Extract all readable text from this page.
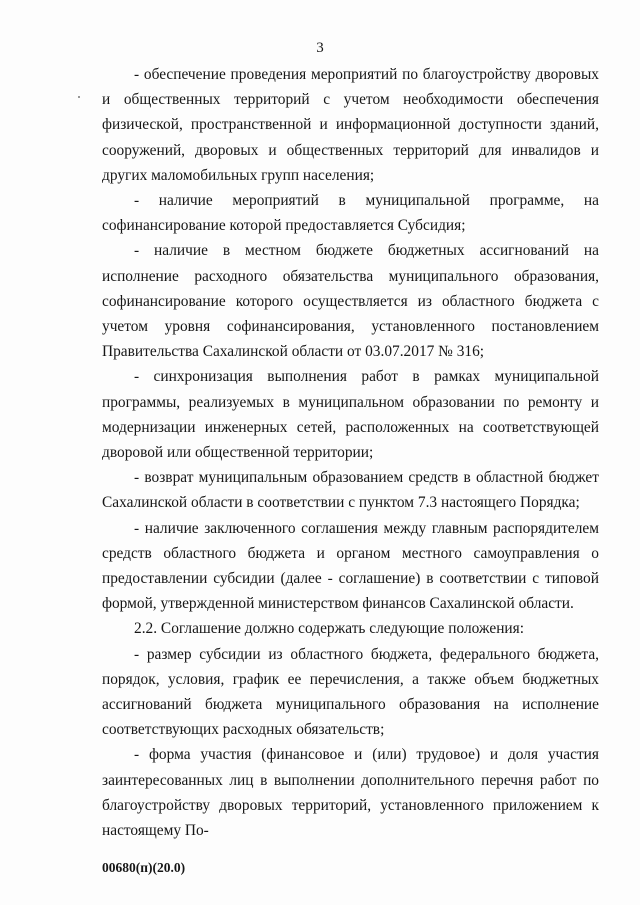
3

- обеспечение проведения мероприятий по благоустройству дворовых и общественных территорий с учетом необходимости обеспечения физической, пространственной и информационной доступности зданий, сооружений, дворовых и общественных территорий для инвалидов и других маломобильных групп населения;

- наличие мероприятий в муниципальной программе, на софинансирование которой предоставляется Субсидия;

- наличие в местном бюджете бюджетных ассигнований на исполнение расходного обязательства муниципального образования, софинансирование которого осуществляется из областного бюджета с учетом уровня софинансирования, установленного постановлением Правительства Сахалинской области от 03.07.2017 № 316;

- синхронизация выполнения работ в рамках муниципальной программы, реализуемых в муниципальном образовании по ремонту и модернизации инженерных сетей, расположенных на соответствующей дворовой или общественной территории;

- возврат муниципальным образованием средств в областной бюджет Сахалинской области в соответствии с пунктом 7.3 настоящего Порядка;

- наличие заключенного соглашения между главным распорядителем средств областного бюджета и органом местного самоуправления о предоставлении субсидии (далее - соглашение) в соответствии с типовой формой, утвержденной министерством финансов Сахалинской области.

2.2. Соглашение должно содержать следующие положения:

- размер субсидии из областного бюджета, федерального бюджета, порядок, условия, график ее перечисления, а также объем бюджетных ассигнований бюджета муниципального образования на исполнение соответствующих расходных обязательств;

- форма участия (финансовое и (или) трудовое) и доля участия заинтересованных лиц в выполнении дополнительного перечня работ по благоустройству дворовых территорий, установленного приложением к настоящему По-

00680(п)(20.0)
